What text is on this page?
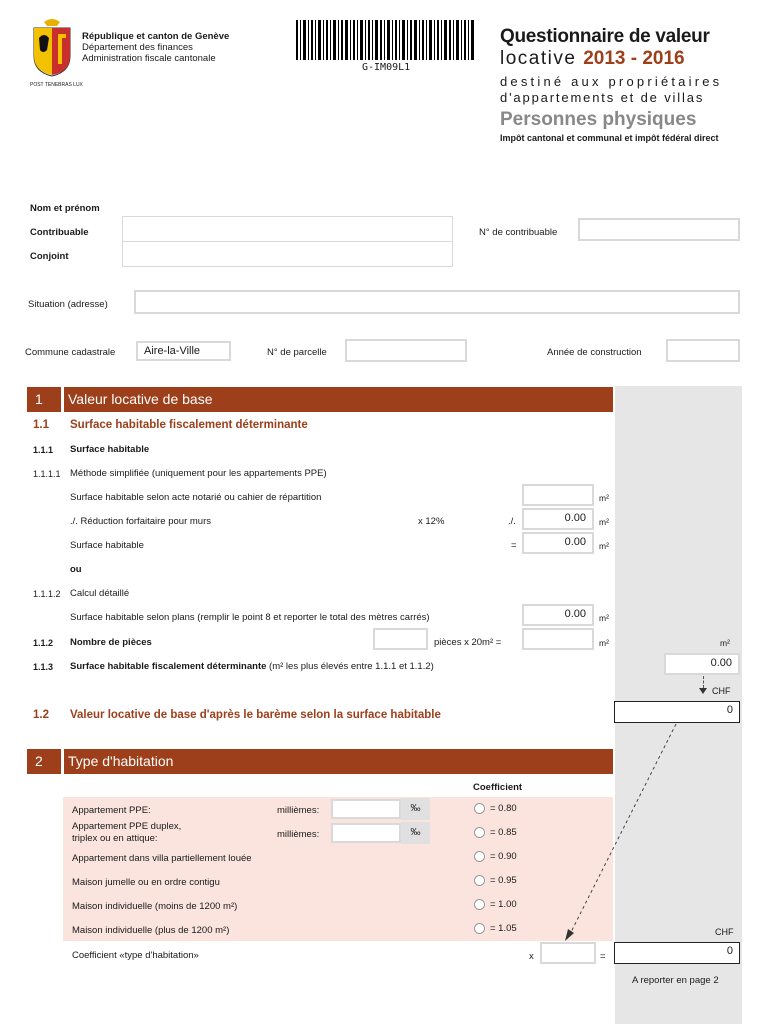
POST TENEBRAS LUX
République et canton de Genève
Département des finances
Administration fiscale cantonale
G-IM09L1
Questionnaire de valeur
locative 2013 - 2016
destiné aux propriétaires
d'appartements et de villas
Personnes physiques
Impôt cantonal et communal et impôt fédéral direct
Nom et prénom
Contribuable
Conjoint
N° de contribuable
Situation (adresse)
Commune cadastrale	Aire-la-Ville	N° de parcelle	Année de construction
1 Valeur locative de base
1.1 Surface habitable fiscalement déterminante
1.1.1 Surface habitable
1.1.1.1 Méthode simplifiée (uniquement pour les appartements PPE)
Surface habitable selon acte notarié ou cahier de répartition	m²
./. Réduction forfaitaire pour murs	x 12%	./.	0.00	m²
Surface habitable	=	0.00	m²
ou
1.1.1.2 Calcul détaillé
Surface habitable selon plans (remplir le point 8 et reporter le total des mètres carrés)	0.00	m²
1.1.2 Nombre de pièces	pièces x 20m² =	m²	m²
1.1.3 Surface habitable fiscalement déterminante (m² les plus élevés entre 1.1.1 et 1.1.2)	0.00
CHF
1.2 Valeur locative de base d'après le barème selon la surface habitable	0
2 Type d'habitation
Coefficient
Appartement PPE:	millièmes:	‰	= 0.80
Appartement PPE duplex,
triplex ou en attique:	millièmes:	‰	= 0.85
Appartement dans villa partiellement louée	= 0.90
Maison jumelle ou en ordre contigu	= 0.95
Maison individuelle (moins de 1200 m²)	= 1.00
Maison individuelle (plus de 1200 m²)	= 1.05	CHF
Coefficient «type d'habitation»	x	=	0
A reporter en page 2
